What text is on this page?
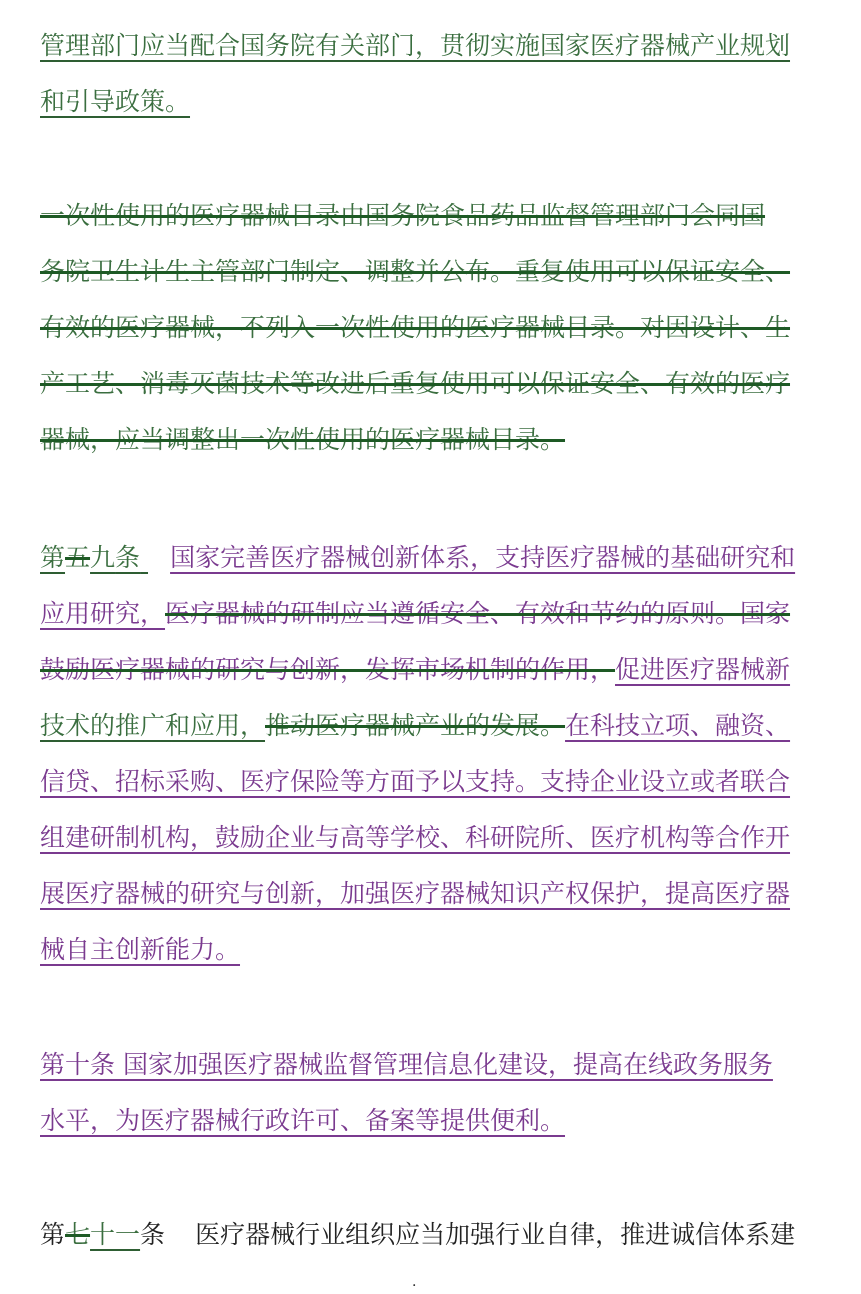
管理部门应当配合国务院有关部门，贯彻实施国家医疗器械产业规划
和引导政策。
一次性使用的医疗器械目录由国务院食品药品监督管理部门会同国
务院卫生计生主管部门制定、调整并公布。重复使用可以保证安全、
有效的医疗器械，不列入一次性使用的医疗器械目录。对因设计、生
产工艺、消毒灭菌技术等改进后重复使用可以保证安全、有效的医疗
器械，应当调整出一次性使用的医疗器械目录。
第五九条 国家完善医疗器械创新体系，支持医疗器械的基础研究和
应用研究，医疗器械的研制应当遵循安全、有效和节约的原则。国家
鼓励医疗器械的研究与创新，发挥市场机制的作用，促进医疗器械新
技术的推广和应用，推动医疗器械产业的发展。在科技立项、融资、
信贷、招标采购、医疗保险等方面予以支持。支持企业设立或者联合
组建研制机构，鼓励企业与高等学校、科研院所、医疗机构等合作开
展医疗器械的研究与创新，加强医疗器械知识产权保护，提高医疗器
械自主创新能力。
第十条 国家加强医疗器械监督管理信息化建设，提高在线政务服务
水平，为医疗器械行政许可、备案等提供便利。
第七十一条 医疗器械行业组织应当加强行业自律，推进诚信体系建
·
